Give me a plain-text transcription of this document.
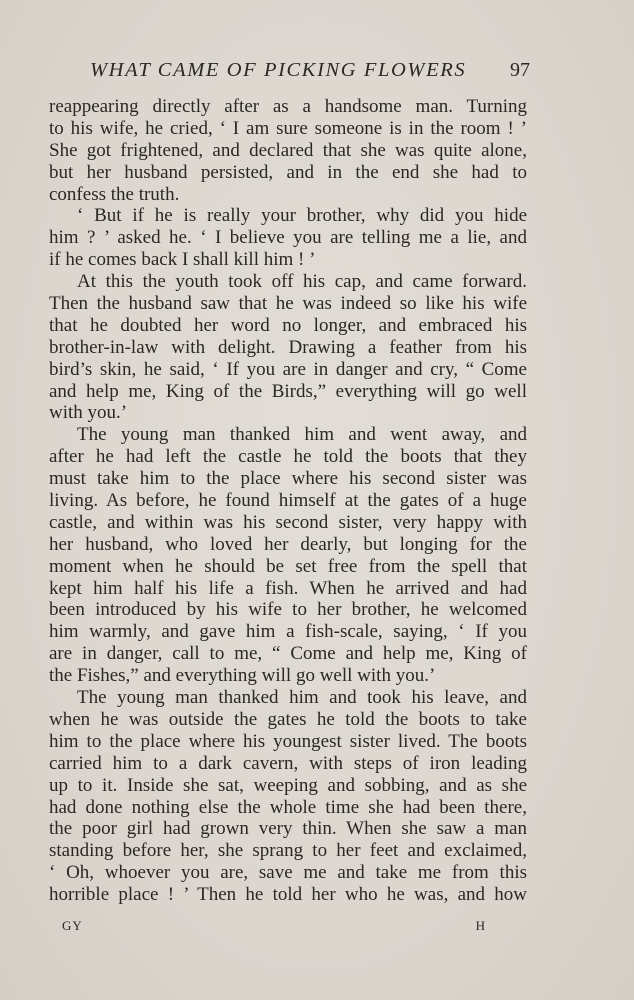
WHAT CAME OF PICKING FLOWERS 97
reappearing directly after as a handsome man. Turning
to his wife, he cried, ‘ I am sure someone is in the room ! ’
She got frightened, and declared that she was quite alone,
but her husband persisted, and in the end she had to
confess the truth.
‘ But if he is really your brother, why did you hide
him ? ’ asked he. ‘ I believe you are telling me a lie, and
if he comes back I shall kill him ! ’
At this the youth took off his cap, and came forward.
Then the husband saw that he was indeed so like his wife
that he doubted her word no longer, and embraced his
brother-in-law with delight. Drawing a feather from his
bird’s skin, he said, ‘ If you are in danger and cry, “ Come
and help me, King of the Birds,” everything will go well
with you.’
The young man thanked him and went away, and
after he had left the castle he told the boots that they
must take him to the place where his second sister was
living. As before, he found himself at the gates of a huge
castle, and within was his second sister, very happy with
her husband, who loved her dearly, but longing for the
moment when he should be set free from the spell that
kept him half his life a fish. When he arrived and had
been introduced by his wife to her brother, he welcomed
him warmly, and gave him a fish-scale, saying, ‘ If you
are in danger, call to me, “ Come and help me, King of
the Fishes,” and everything will go well with you.’
The young man thanked him and took his leave, and
when he was outside the gates he told the boots to take
him to the place where his youngest sister lived. The boots
carried him to a dark cavern, with steps of iron leading
up to it. Inside she sat, weeping and sobbing, and as she
had done nothing else the whole time she had been there,
the poor girl had grown very thin. When she saw a man
standing before her, she sprang to her feet and exclaimed,
‘ Oh, whoever you are, save me and take me from this
horrible place ! ’ Then he told her who he was, and how
GY	H
